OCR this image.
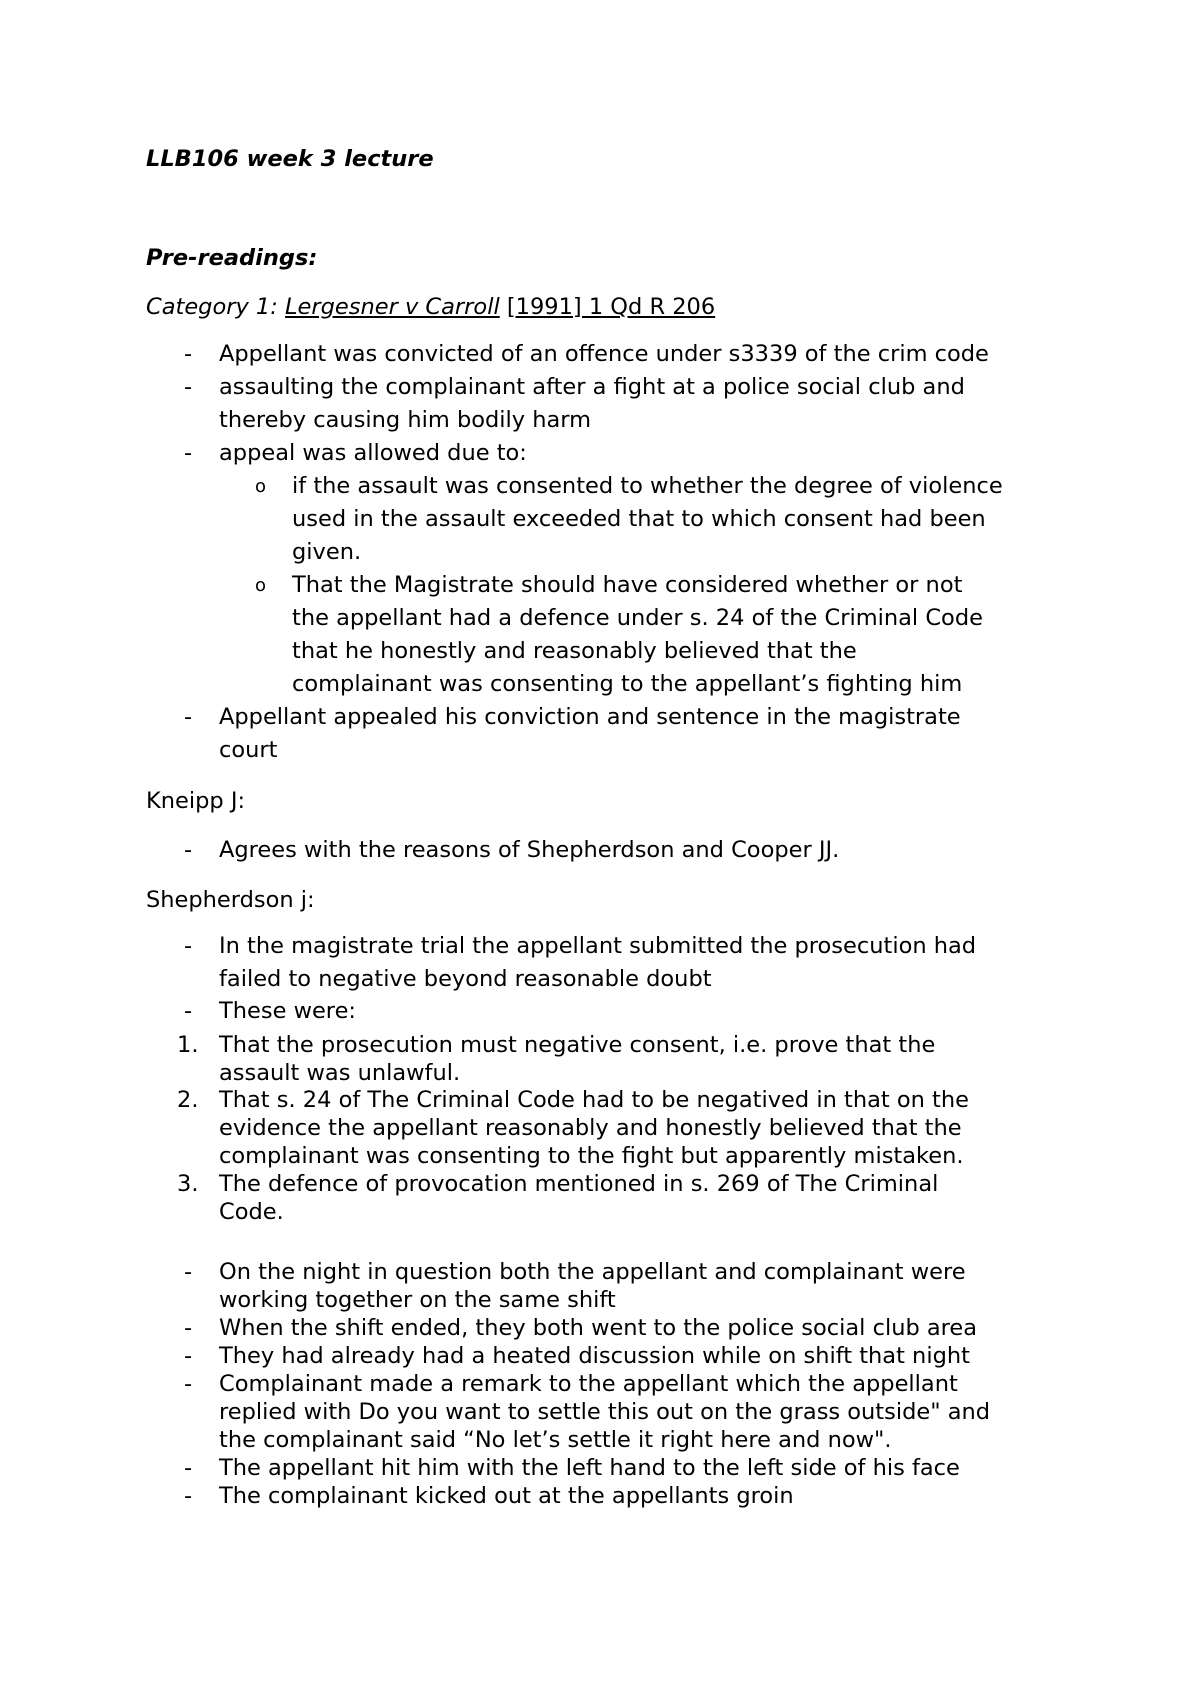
LLB106 week 3 lecture
Pre-readings:
Category 1: Lergesner v Carroll [1991] 1 Qd R 206
- Appellant was convicted of an offence under s3339 of the crim code
- assaulting the complainant after a fight at a police social club and
thereby causing him bodily harm
- appeal was allowed due to:
o if the assault was consented to whether the degree of violence
used in the assault exceeded that to which consent had been
given.
o That the Magistrate should have considered whether or not
the appellant had a defence under s. 24 of the Criminal Code
that he honestly and reasonably believed that the
complainant was consenting to the appellant’s fighting him
- Appellant appealed his conviction and sentence in the magistrate
court
Kneipp J:
- Agrees with the reasons of Shepherdson and Cooper JJ.
Shepherdson j:
- In the magistrate trial the appellant submitted the prosecution had
failed to negative beyond reasonable doubt
- These were:
1. That the prosecution must negative consent, i.e. prove that the
assault was unlawful.
2. That s. 24 of The Criminal Code had to be negatived in that on the
evidence the appellant reasonably and honestly believed that the
complainant was consenting to the fight but apparently mistaken.
3. The defence of provocation mentioned in s. 269 of The Criminal
Code.
- On the night in question both the appellant and complainant were
working together on the same shift
- When the shift ended, they both went to the police social club area
- They had already had a heated discussion while on shift that night
- Complainant made a remark to the appellant which the appellant
replied with Do you want to settle this out on the grass outside" and
the complainant said “No let’s settle it right here and now".
- The appellant hit him with the left hand to the left side of his face
- The complainant kicked out at the appellants groin
